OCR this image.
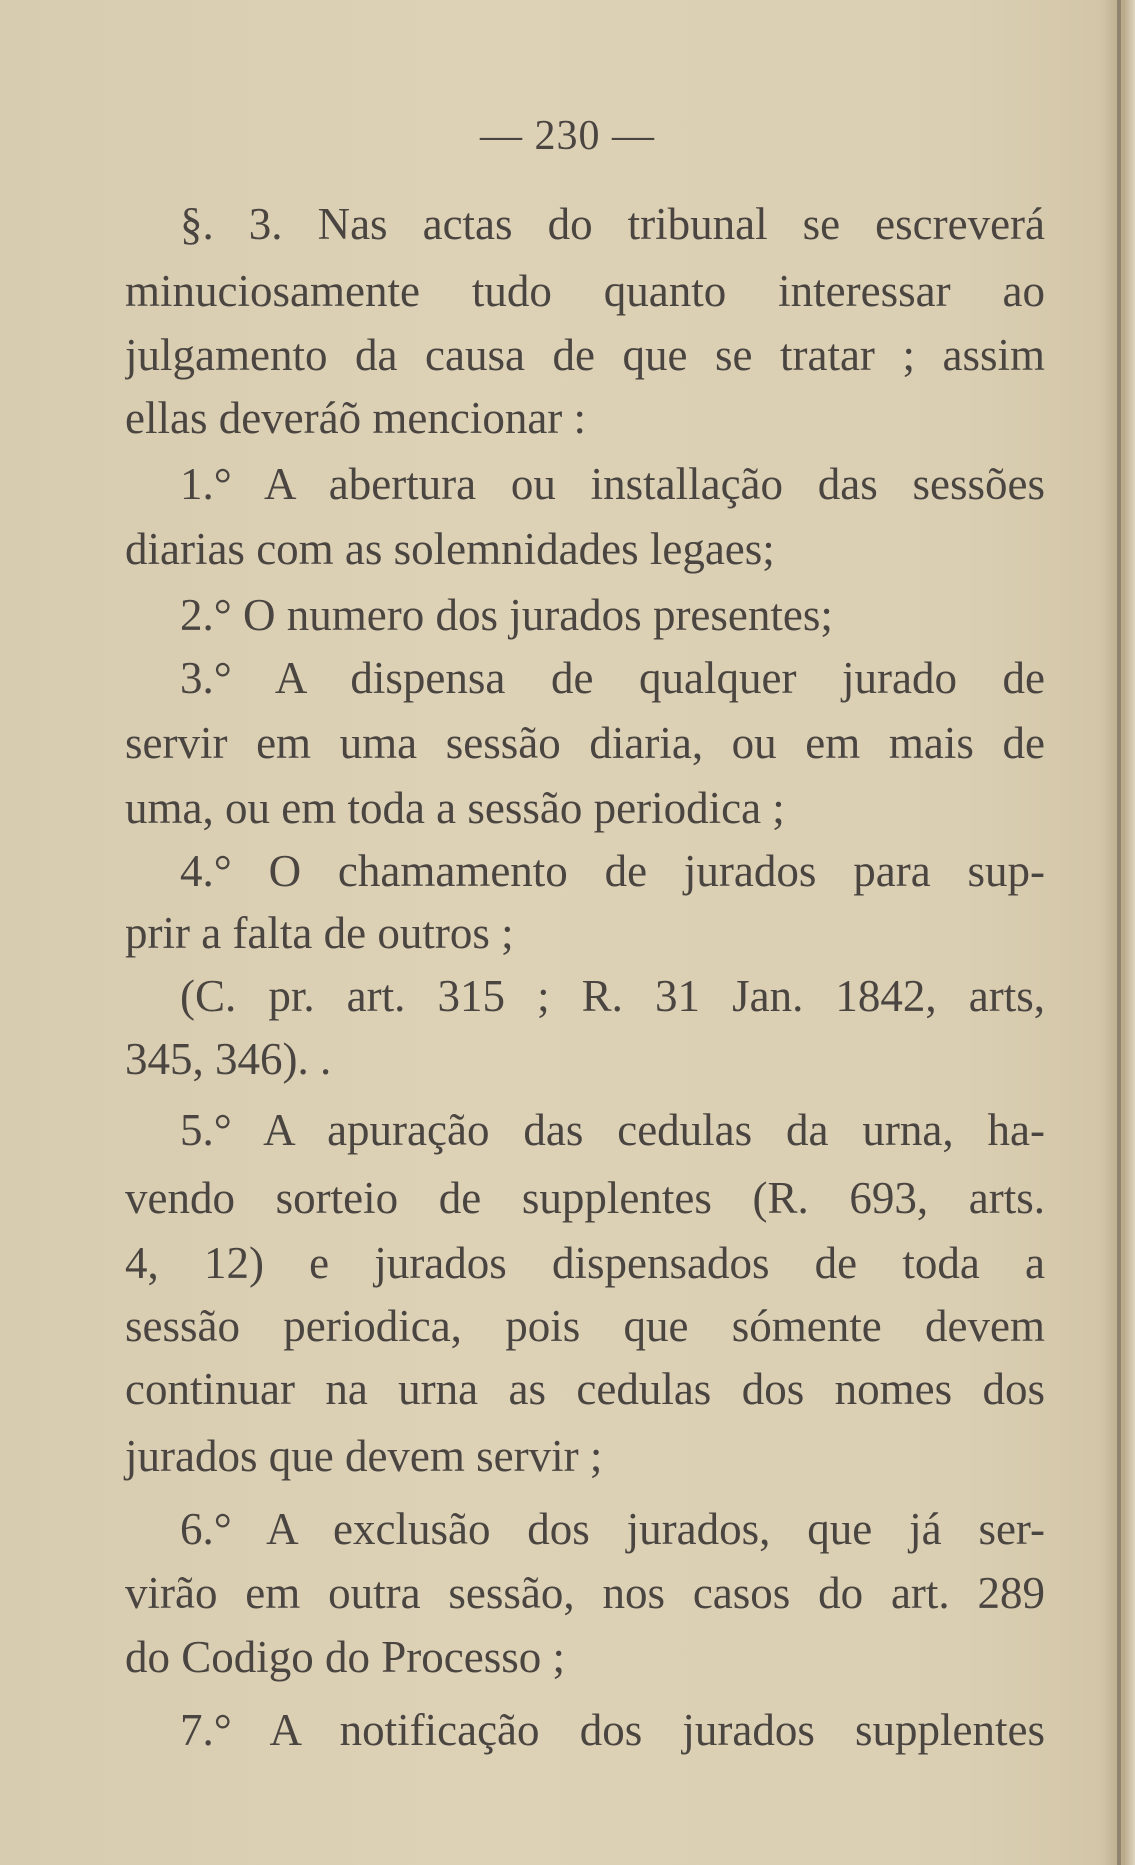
— 230 —
§. 3. Nas actas do tribunal se escreverá
minuciosamente tudo quanto interessar ao
julgamento da causa de que se tratar ; assim
ellas deveráõ mencionar :
1.° A abertura ou installação das sessões
diarias com as solemnidades legaes;
2.° O numero dos jurados presentes;
3.° A dispensa de qualquer jurado de
servir em uma sessão diaria, ou em mais de
uma, ou em toda a sessão periodica ;
4.° O chamamento de jurados para sup-
prir a falta de outros ;
(C. pr. art. 315 ; R. 31 Jan. 1842, arts,
345, 346). .
5.° A apuração das cedulas da urna, ha-
vendo sorteio de supplentes (R. 693, arts.
4, 12) e jurados dispensados de toda a
sessão periodica, pois que sómente devem
continuar na urna as cedulas dos nomes dos
jurados que devem servir ;
6.° A exclusão dos jurados, que já ser-
virão em outra sessão, nos casos do art. 289
do Codigo do Processo ;
7.° A notificação dos jurados supplentes
